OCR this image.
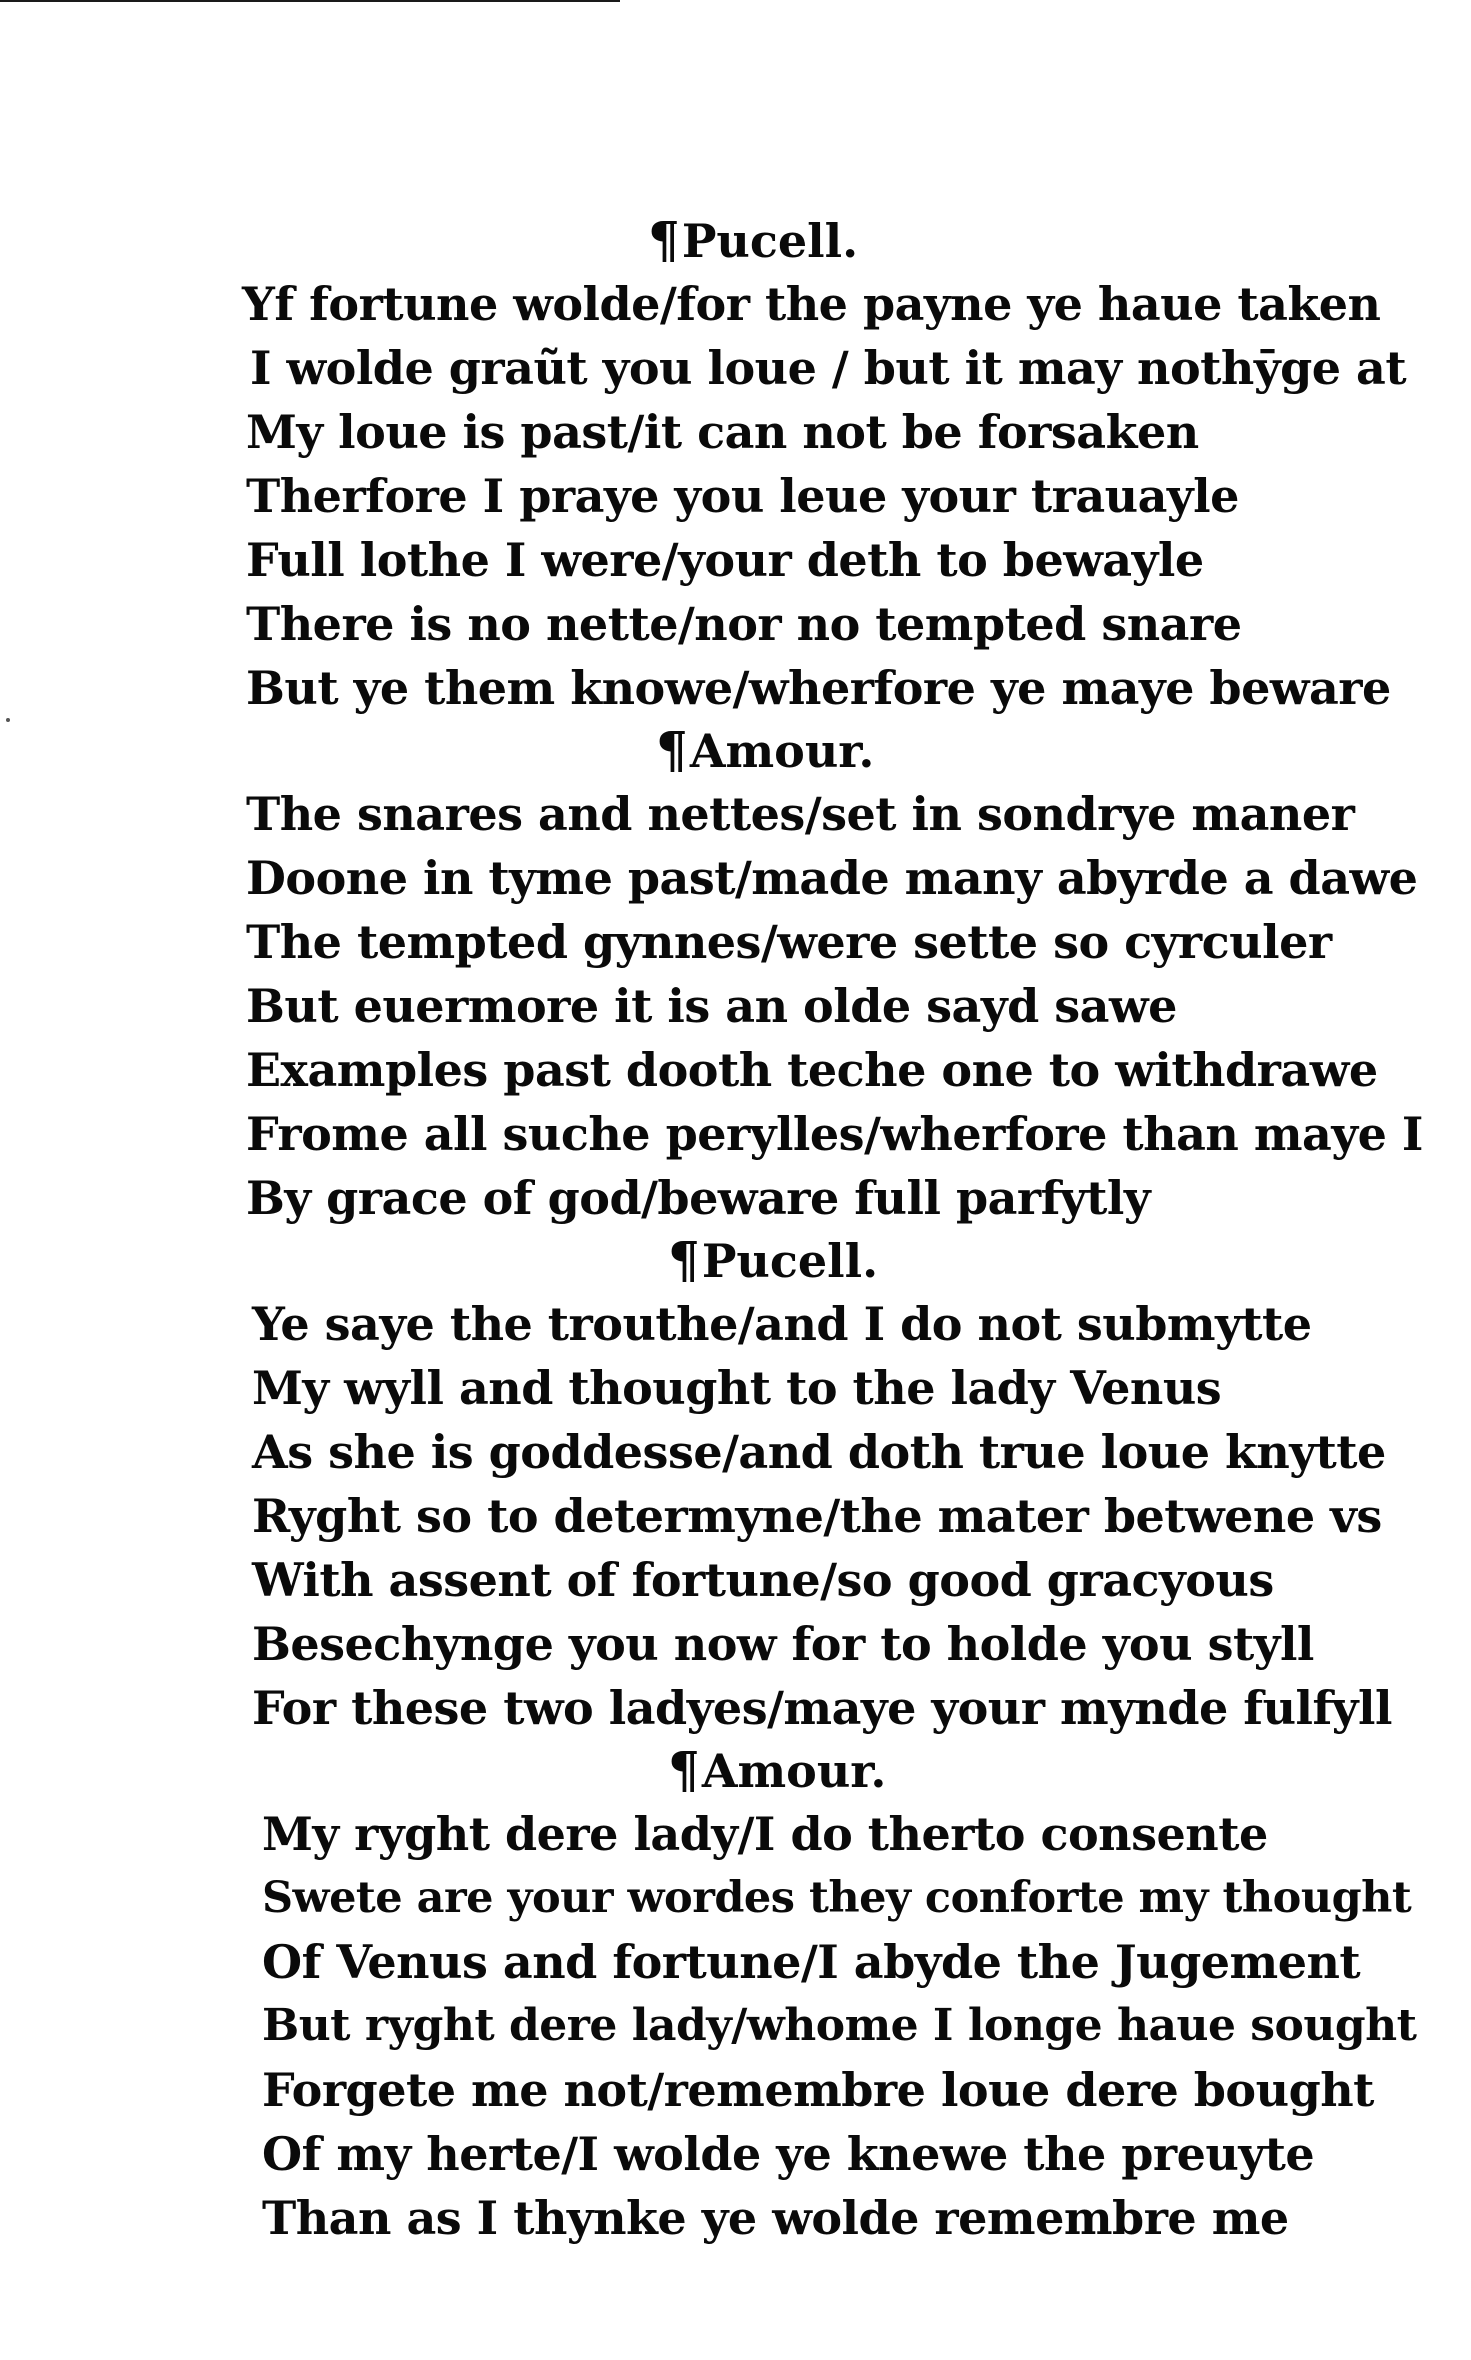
¶Pucell.
Yf fortune wolde/for the payne ye haue taken
I wolde graũt you loue / but it may nothȳge at
My loue is past/it can not be forsaken
Therfore I praye you leue your trauayle
Full lothe I were/your deth to bewayle
There is no nette/nor no tempted snare
But ye them knowe/wherfore ye maye beware
¶Amour.
The snares and nettes/set in sondrye maner
Doone in tyme past/made many abyrde a dawe
The tempted gynnes/were sette so cyrculer
But euermore it is an olde sayd sawe
Examples past dooth teche one to withdrawe
Frome all suche perylles/wherfore than maye I
By grace of god/beware full parfytly
¶Pucell.
Ye saye the trouthe/and I do not submytte
My wyll and thought to the lady Venus
As she is goddesse/and doth true loue knytte
Ryght so to determyne/the mater betwene vs
With assent of fortune/so good gracyous
Besechynge you now for to holde you styll
For these two ladyes/maye your mynde fulfyll
¶Amour.
My ryght dere lady/I do therto consente
Swete are your wordes they conforte my thought
Of Venus and fortune/I abyde the Jugement
But ryght dere lady/whome I longe haue sought
Forgete me not/remembre loue dere bought
Of my herte/I wolde ye knewe the preuyte
Than as I thynke ye wolde remembre me
